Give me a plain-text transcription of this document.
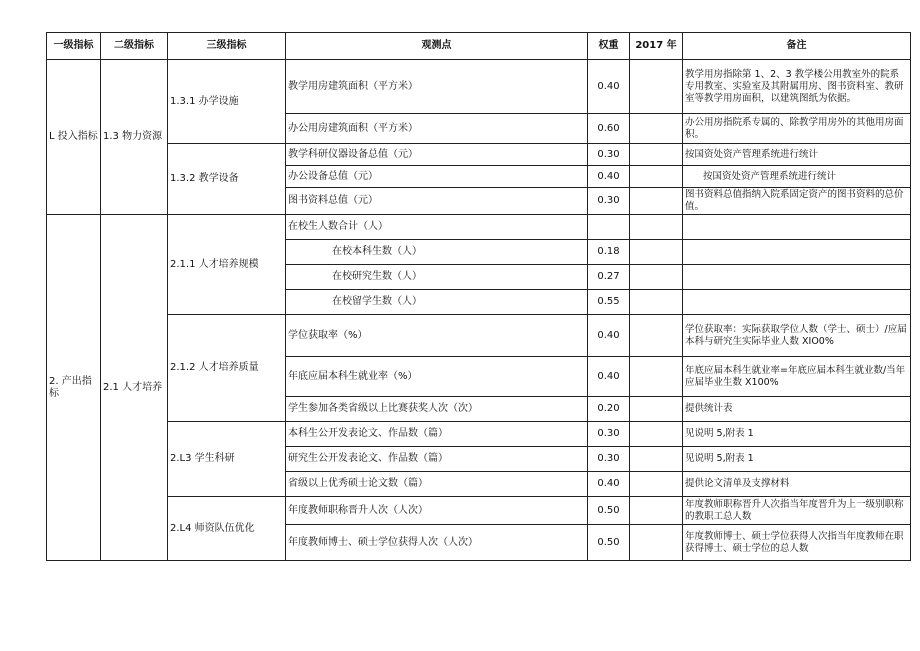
一级指标	二级指标	三级指标	观测点	权重	2017 年	备注
L 投入指标	1.3 物力资源	1.3.1 办学设施	教学用房建筑面积（平方米）	0.40		教学用房指除第 1、2、3 教学楼公用教室外的院系专用教室、实验室及其附属用房、图书资料室、教研室等教学用房面积，以建筑图纸为依据。
			办公用房建筑面积（平方米）	0.60		办公用房指院系专属的、除教学用房外的其他用房面积。
		1.3.2 教学设备	教学科研仪器设备总值（元）	0.30		按国资处资产管理系统进行统计
			办公设备总值（元）	0.40		按国资处资产管理系统进行统计
			图书资料总值（元）	0.30		图书资料总值指纳入院系固定资产的图书资料的总价值。
2. 产出指标	2.1 人才培养	2.1.1 人才培养规模	在校生人数合计（人）			
			在校本科生数（人）	0.18		
			在校研究生数（人）	0.27		
			在校留学生数（人）	0.55		
		2.1.2 人才培养质量	学位获取率（%）	0.40		学位获取率：实际获取学位人数（学士、硕士）/应届本科与研究生实际毕业人数 XIO0%
			年底应届本科生就业率（%）	0.40		年底应届本科生就业率=年底应届本科生就业数/当年应届毕业生数 X100%
			学生参加各类省级以上比赛获奖人次（次）	0.20		提供统计表
		2.L3 学生科研	本科生公开发表论文、作品数（篇）	0.30		见说明 5,附表 1
			研究生公开发表论文、作品数（篇）	0.30		见说明 5,附表 1
			省级以上优秀硕士论文数（篇）	0.40		提供论文清单及支撑材料
		2.L4 师资队伍优化	年度教师职称晋升人次（人次）	0.50		年度教师职称晋升人次指当年度晋升为上一级别职称的教职工总人数
			年度教师博士、硕士学位获得人次（人次）	0.50		年度教师博士、硕士学位获得人次指当年度教师在职获得博士、硕士学位的总人数
